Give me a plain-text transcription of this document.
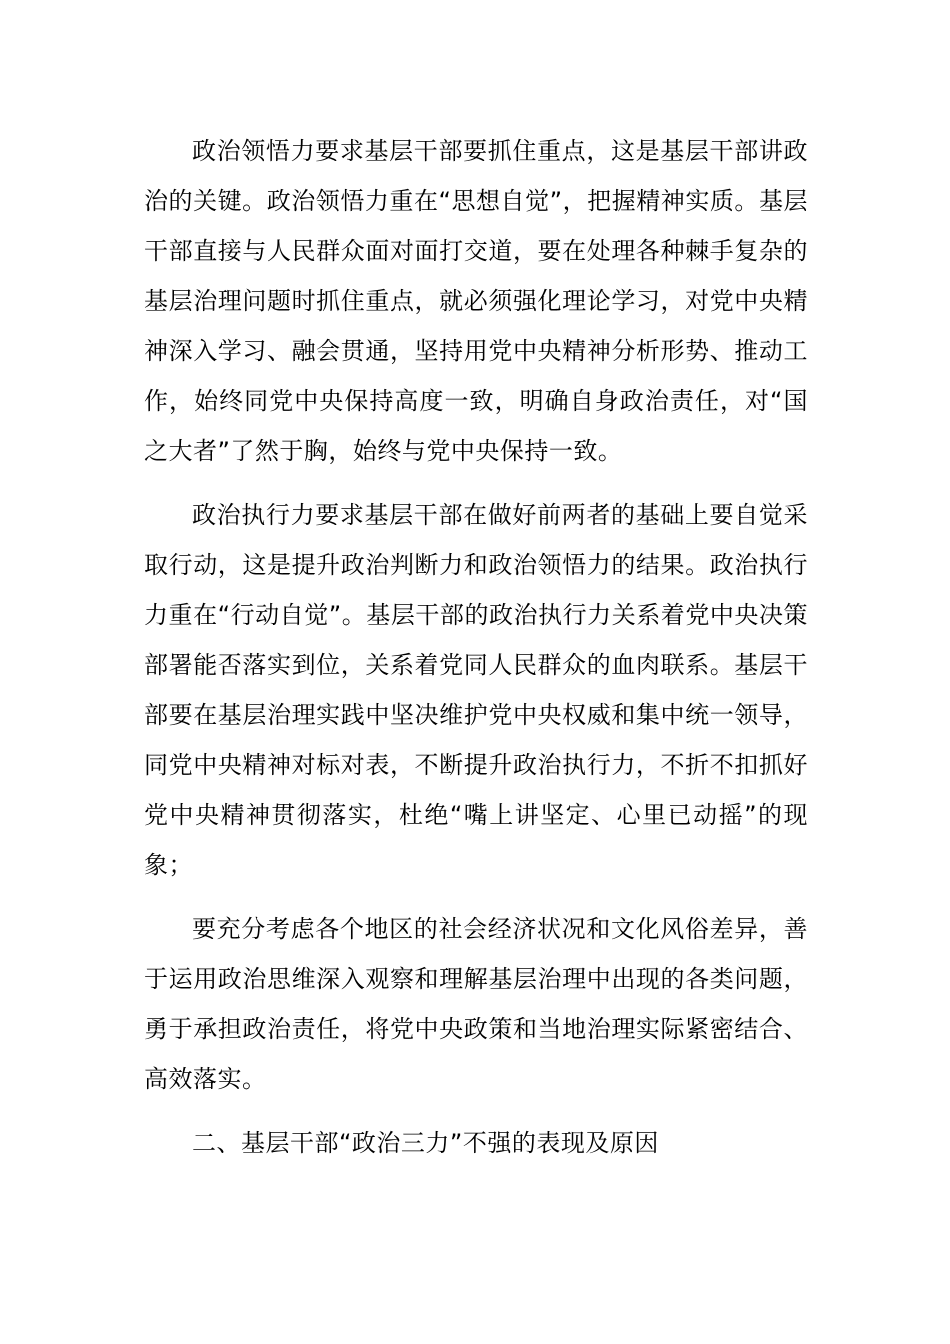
政治领悟力要求基层干部要抓住重点，这是基层干部讲政治的关键。政治领悟力重在“思想自觉”，把握精神实质。基层干部直接与人民群众面对面打交道，要在处理各种棘手复杂的基层治理问题时抓住重点，就必须强化理论学习，对党中央精神深入学习、融会贯通，坚持用党中央精神分析形势、推动工作，始终同党中央保持高度一致，明确自身政治责任，对“国之大者”了然于胸，始终与党中央保持一致。

政治执行力要求基层干部在做好前两者的基础上要自觉采取行动，这是提升政治判断力和政治领悟力的结果。政治执行力重在“行动自觉”。基层干部的政治执行力关系着党中央决策部署能否落实到位，关系着党同人民群众的血肉联系。基层干部要在基层治理实践中坚决维护党中央权威和集中统一领导，同党中央精神对标对表，不断提升政治执行力，不折不扣抓好党中央精神贯彻落实，杜绝“嘴上讲坚定、心里已动摇”的现象；

要充分考虑各个地区的社会经济状况和文化风俗差异，善于运用政治思维深入观察和理解基层治理中出现的各类问题，勇于承担政治责任，将党中央政策和当地治理实际紧密结合、高效落实。

二、基层干部“政治三力”不强的表现及原因
